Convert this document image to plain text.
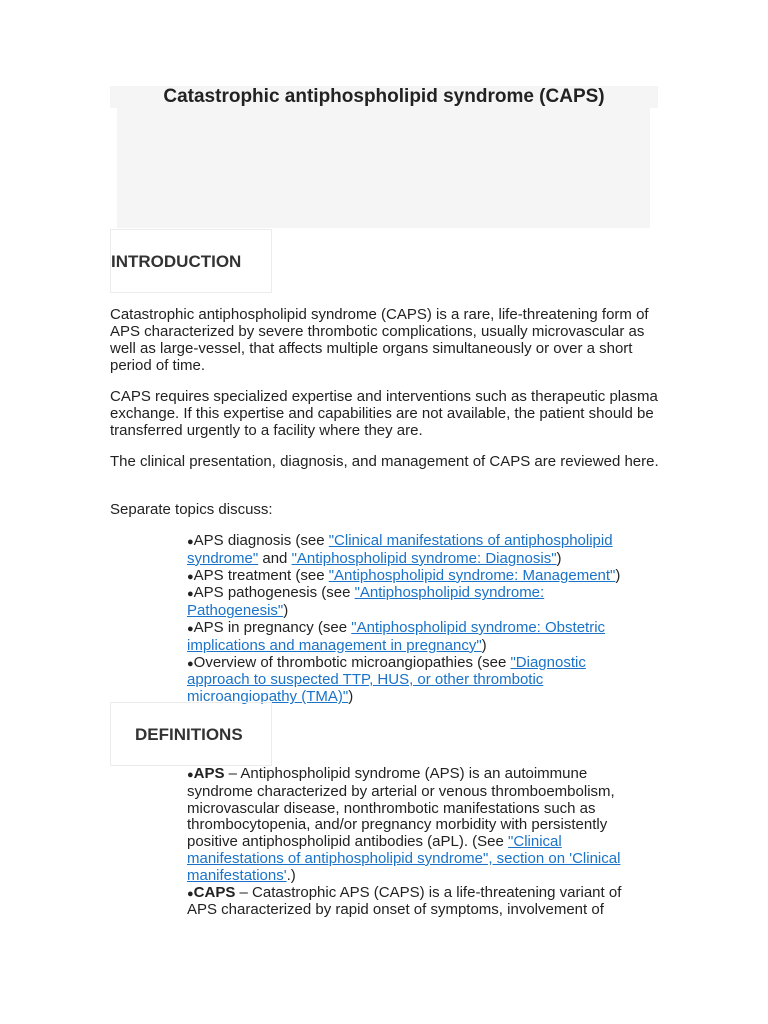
Catastrophic antiphospholipid syndrome (CAPS)
INTRODUCTION

Catastrophic antiphospholipid syndrome (CAPS) is a rare, life-threatening form of APS characterized by severe thrombotic complications, usually microvascular as well as large-vessel, that affects multiple organs simultaneously or over a short period of time.

CAPS requires specialized expertise and interventions such as therapeutic plasma exchange. If this expertise and capabilities are not available, the patient should be transferred urgently to a facility where they are.

The clinical presentation, diagnosis, and management of CAPS are reviewed here.

Separate topics discuss:

●APS diagnosis (see "Clinical manifestations of antiphospholipid syndrome" and "Antiphospholipid syndrome: Diagnosis")
●APS treatment (see "Antiphospholipid syndrome: Management")
●APS pathogenesis (see "Antiphospholipid syndrome: Pathogenesis")
●APS in pregnancy (see "Antiphospholipid syndrome: Obstetric implications and management in pregnancy")
●Overview of thrombotic microangiopathies (see "Diagnostic approach to suspected TTP, HUS, or other thrombotic microangiopathy (TMA)")
DEFINITIONS
●APS – Antiphospholipid syndrome (APS) is an autoimmune syndrome characterized by arterial or venous thromboembolism, microvascular disease, nonthrombotic manifestations such as thrombocytopenia, and/or pregnancy morbidity with persistently positive antiphospholipid antibodies (aPL). (See "Clinical manifestations of antiphospholipid syndrome", section on 'Clinical manifestations'.)
●CAPS – Catastrophic APS (CAPS) is a life-threatening variant of APS characterized by rapid onset of symptoms, involvement of
